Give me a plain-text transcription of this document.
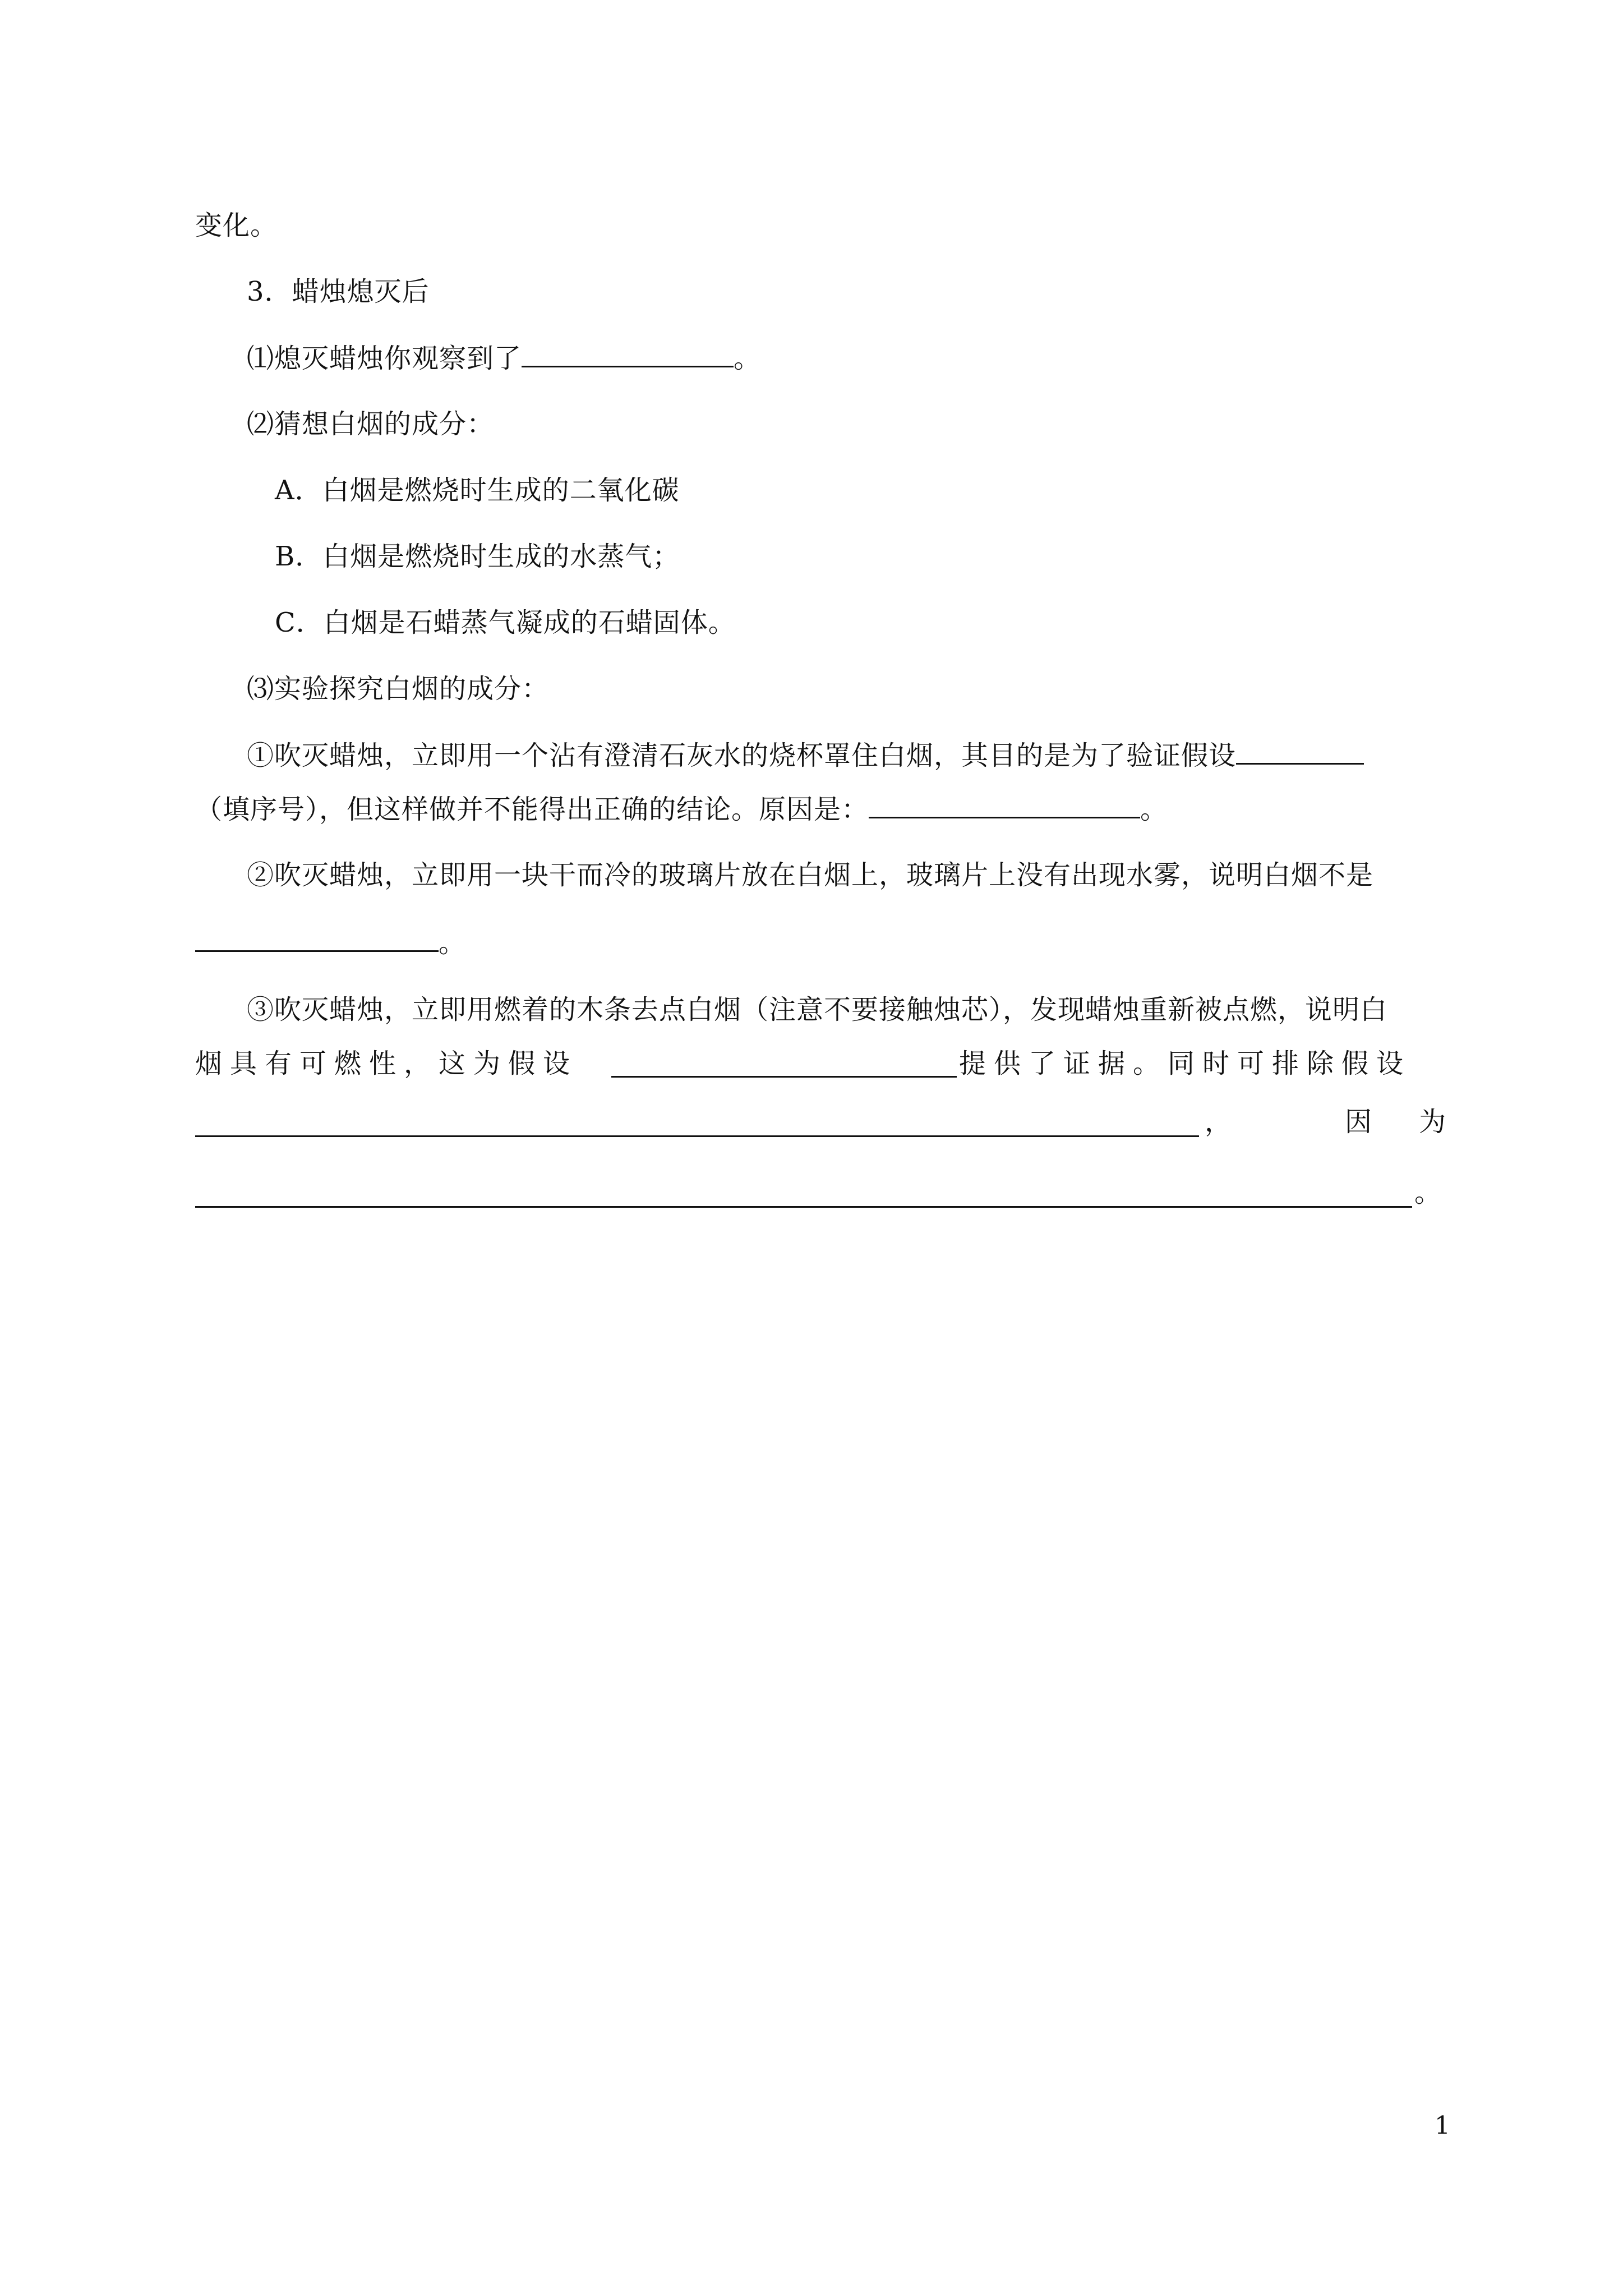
变化。
3．蜡烛熄灭后
⑴熄灭蜡烛你观察到了	。
⑵猜想白烟的成分：
A．白烟是燃烧时生成的二氧化碳
B．白烟是燃烧时生成的水蒸气；
C．白烟是石蜡蒸气凝成的石蜡固体。
⑶实验探究白烟的成分：
①吹灭蜡烛，立即用一个沾有澄清石灰水的烧杯罩住白烟，其目的是为了验证假设
（填序号），但这样做并不能得出正确的结论。原因是：	。
②吹灭蜡烛，立即用一块干而冷的玻璃片放在白烟上，玻璃片上没有出现水雾，说明白烟不是
。
③吹灭蜡烛，立即用燃着的木条去点白烟（注意不要接触烛芯），发现蜡烛重新被点燃，说明白
烟具有可燃性，这为假设	提供了证据。同时可排除假设
，	因 为
。
1
